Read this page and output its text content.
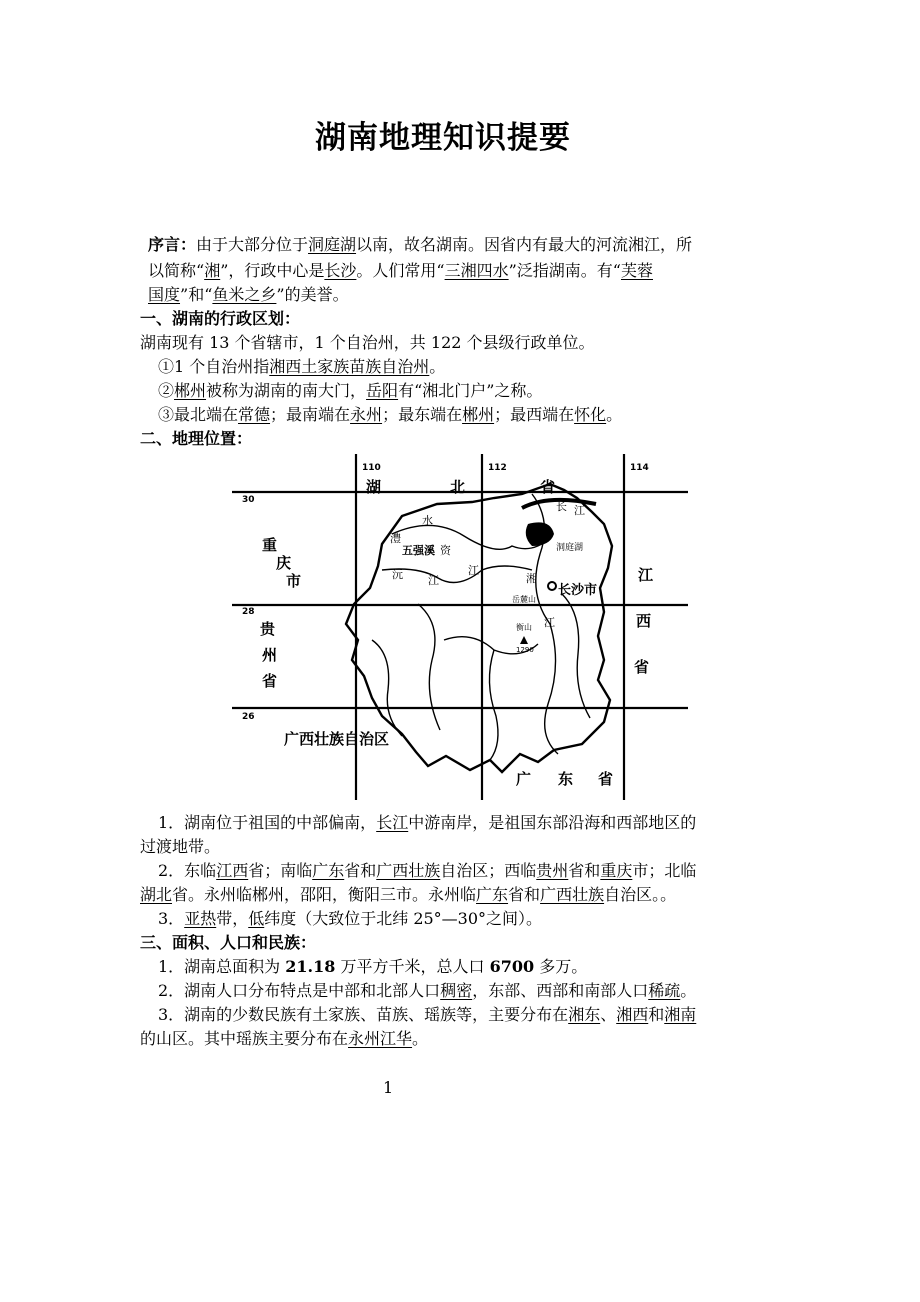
湖南地理知识提要
序言：由于大部分位于洞庭湖以南，故名湖南。因省内有最大的河流湘江，所
以简称“湘”，行政中心是长沙。人们常用“三湘四水”泛指湖南。有“芙蓉
国度”和“鱼米之乡”的美誉。
一、湖南的行政区划：
湖南现有 13 个省辖市，1 个自治州，共 122 个县级行政单位。
①1 个自治州指湘西土家族苗族自治州。
②郴州被称为湖南的南大门，岳阳有“湘北门户”之称。
③最北端在常德；最南端在永州；最东端在郴州；最西端在怀化。
二、地理位置：
110	112	114
30
28
26
湖	北	省
重
庆
市
贵
州
省
江
西
省
广西壮族自治区
广 东 省
长 江
澧
水
五强溪
沅 江
资
江
湘
江
洞庭湖
长沙市
岳麓山
衡山
1290
1．湖南位于祖国的中部偏南，长江中游南岸，是祖国东部沿海和西部地区的
过渡地带。
2．东临江西省；南临广东省和广西壮族自治区；西临贵州省和重庆市；北临
湖北省。永州临郴州，邵阳，衡阳三市。永州临广东省和广西壮族自治区。。
3．亚热带，低纬度（大致位于北纬 25°—30°之间）。
三、面积、人口和民族：
1．湖南总面积为 21.18 万平方千米，总人口 6700 多万。
2．湖南人口分布特点是中部和北部人口稠密，东部、西部和南部人口稀疏。
3．湖南的少数民族有土家族、苗族、瑶族等，主要分布在湘东、湘西和湘南
的山区。其中瑶族主要分布在永州江华。
1
